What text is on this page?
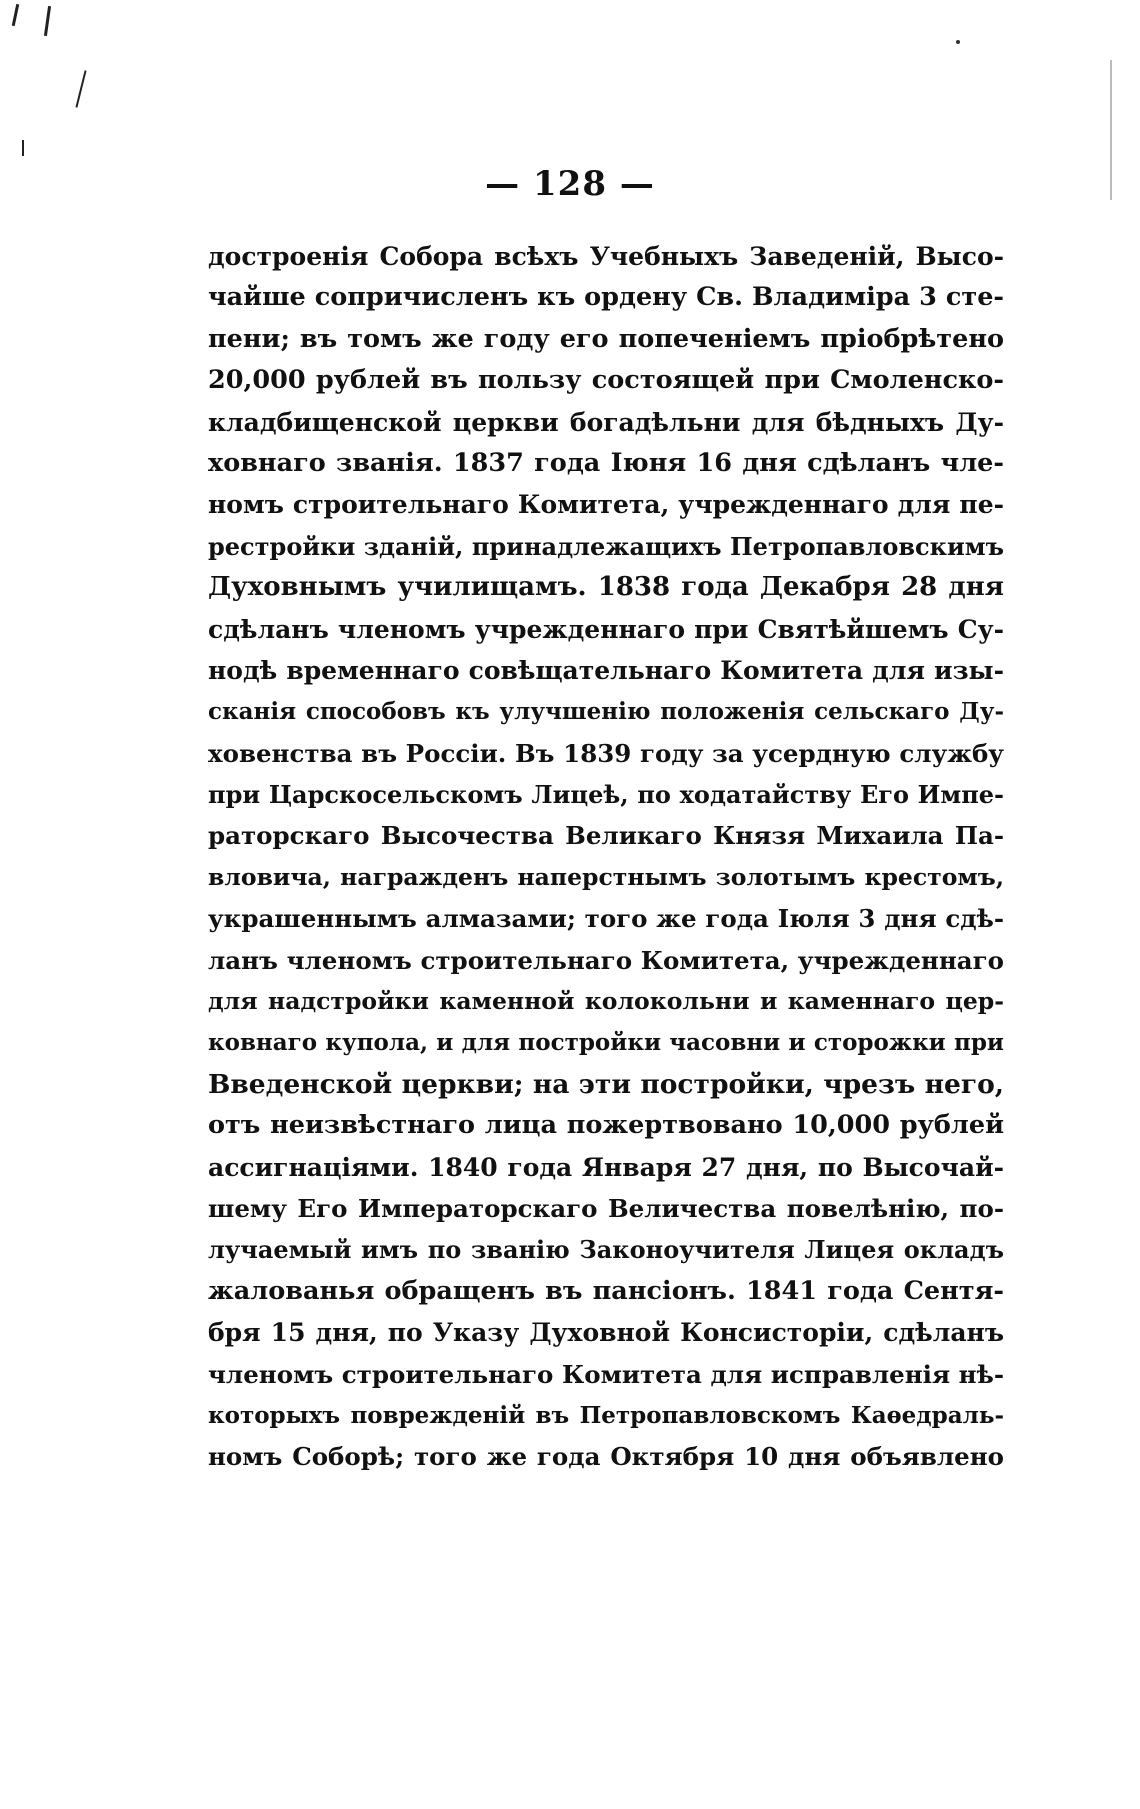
— 128 —
достроенія Собора всѣхъ Учебныхъ Заведеній, Высо-
чайше сопричисленъ къ ордену Св. Владиміра 3 сте-
пени; въ томъ же году его попеченіемъ пріобрѣтено
20,000 рублей въ пользу состоящей при Смоленско-
кладбищенской церкви богадѣльни для бѣдныхъ Ду-
ховнаго званія. 1837 года Іюня 16 дня сдѣланъ чле-
номъ строительнаго Комитета, учрежденнаго для пе-
рестройки зданій, принадлежащихъ Петропавловскимъ
Духовнымъ училищамъ. 1838 года Декабря 28 дня
сдѣланъ членомъ учрежденнаго при Святѣйшемъ Су-
нодѣ временнаго совѣщательнаго Комитета для изы-
сканія способовъ къ улучшенію положенія сельскаго Ду-
ховенства въ Россіи. Въ 1839 году за усердную службу
при Царскосельскомъ Лицеѣ, по ходатайству Его Импе-
раторскаго Высочества Великаго Князя Михаила Па-
вловича, награжденъ наперстнымъ золотымъ крестомъ,
украшеннымъ алмазами; того же года Іюля 3 дня сдѣ-
ланъ членомъ строительнаго Комитета, учрежденнаго
для надстройки каменной колокольни и каменнаго цер-
ковнаго купола, и для постройки часовни и сторожки при
Введенской церкви; на эти постройки, чрезъ него,
отъ неизвѣстнаго лица пожертвовано 10,000 рублей
ассигнаціями. 1840 года Января 27 дня, по Высочай-
шему Его Императорскаго Величества повелѣнію, по-
лучаемый имъ по званію Законоучителя Лицея окладъ
жалованья обращенъ въ пансіонъ. 1841 года Сентя-
бря 15 дня, по Указу Духовной Консисторіи, сдѣланъ
членомъ строительнаго Комитета для исправленія нѣ-
которыхъ поврежденій въ Петропавловскомъ Каѳедраль-
номъ Соборѣ; того же года Октября 10 дня объявлено
